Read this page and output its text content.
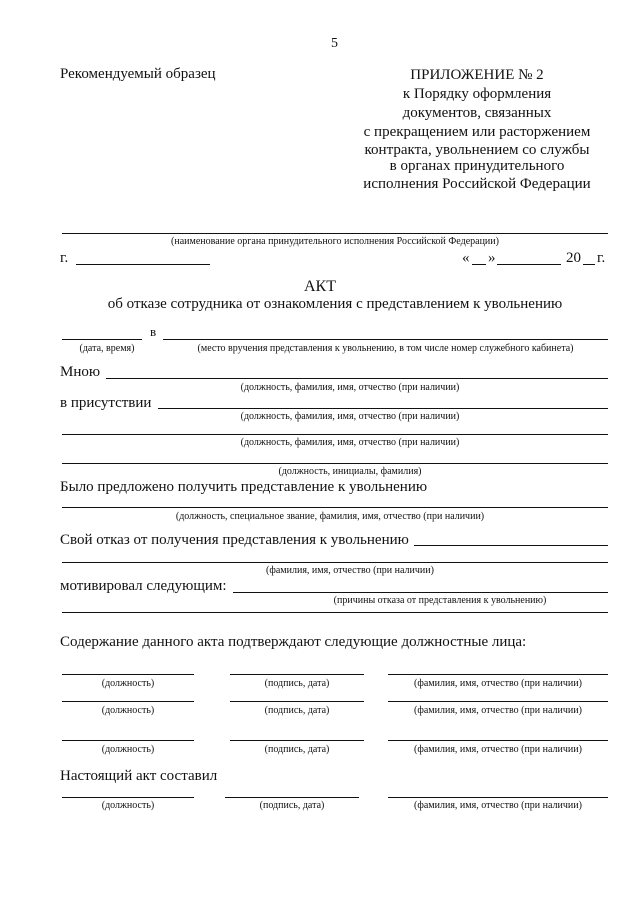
5
Рекомендуемый образец	ПРИЛОЖЕНИЕ № 2
к Порядку оформления
документов, связанных
с прекращением или расторжением
контракта, увольнением со службы
в органах принудительного
исполнения Российской Федерации
(наименование органа принудительного исполнения Российской Федерации)
г.	« »	20 г.
АКТ
об отказе сотрудника от ознакомления с представлением к увольнению
в
(дата, время)	(место вручения представления к увольнению, в том числе номер служебного кабинета)
Мною
(должность, фамилия, имя, отчество (при наличии)
в присутствии
(должность, фамилия, имя, отчество (при наличии)
(должность, фамилия, имя, отчество (при наличии)
(должность, инициалы, фамилия)
Было предложено получить представление к увольнению
(должность, специальное звание, фамилия, имя, отчество (при наличии)
Свой отказ от получения представления к увольнению
(фамилия, имя, отчество (при наличии)
мотивировал следующим:
(причины отказа от представления к увольнению)
Содержание данного акта подтверждают следующие должностные лица:
(должность)	(подпись, дата)	(фамилия, имя, отчество (при наличии)
(должность)	(подпись, дата)	(фамилия, имя, отчество (при наличии)
(должность)	(подпись, дата)	(фамилия, имя, отчество (при наличии)
Настоящий акт составил
(должность)	(подпись, дата)	(фамилия, имя, отчество (при наличии)
